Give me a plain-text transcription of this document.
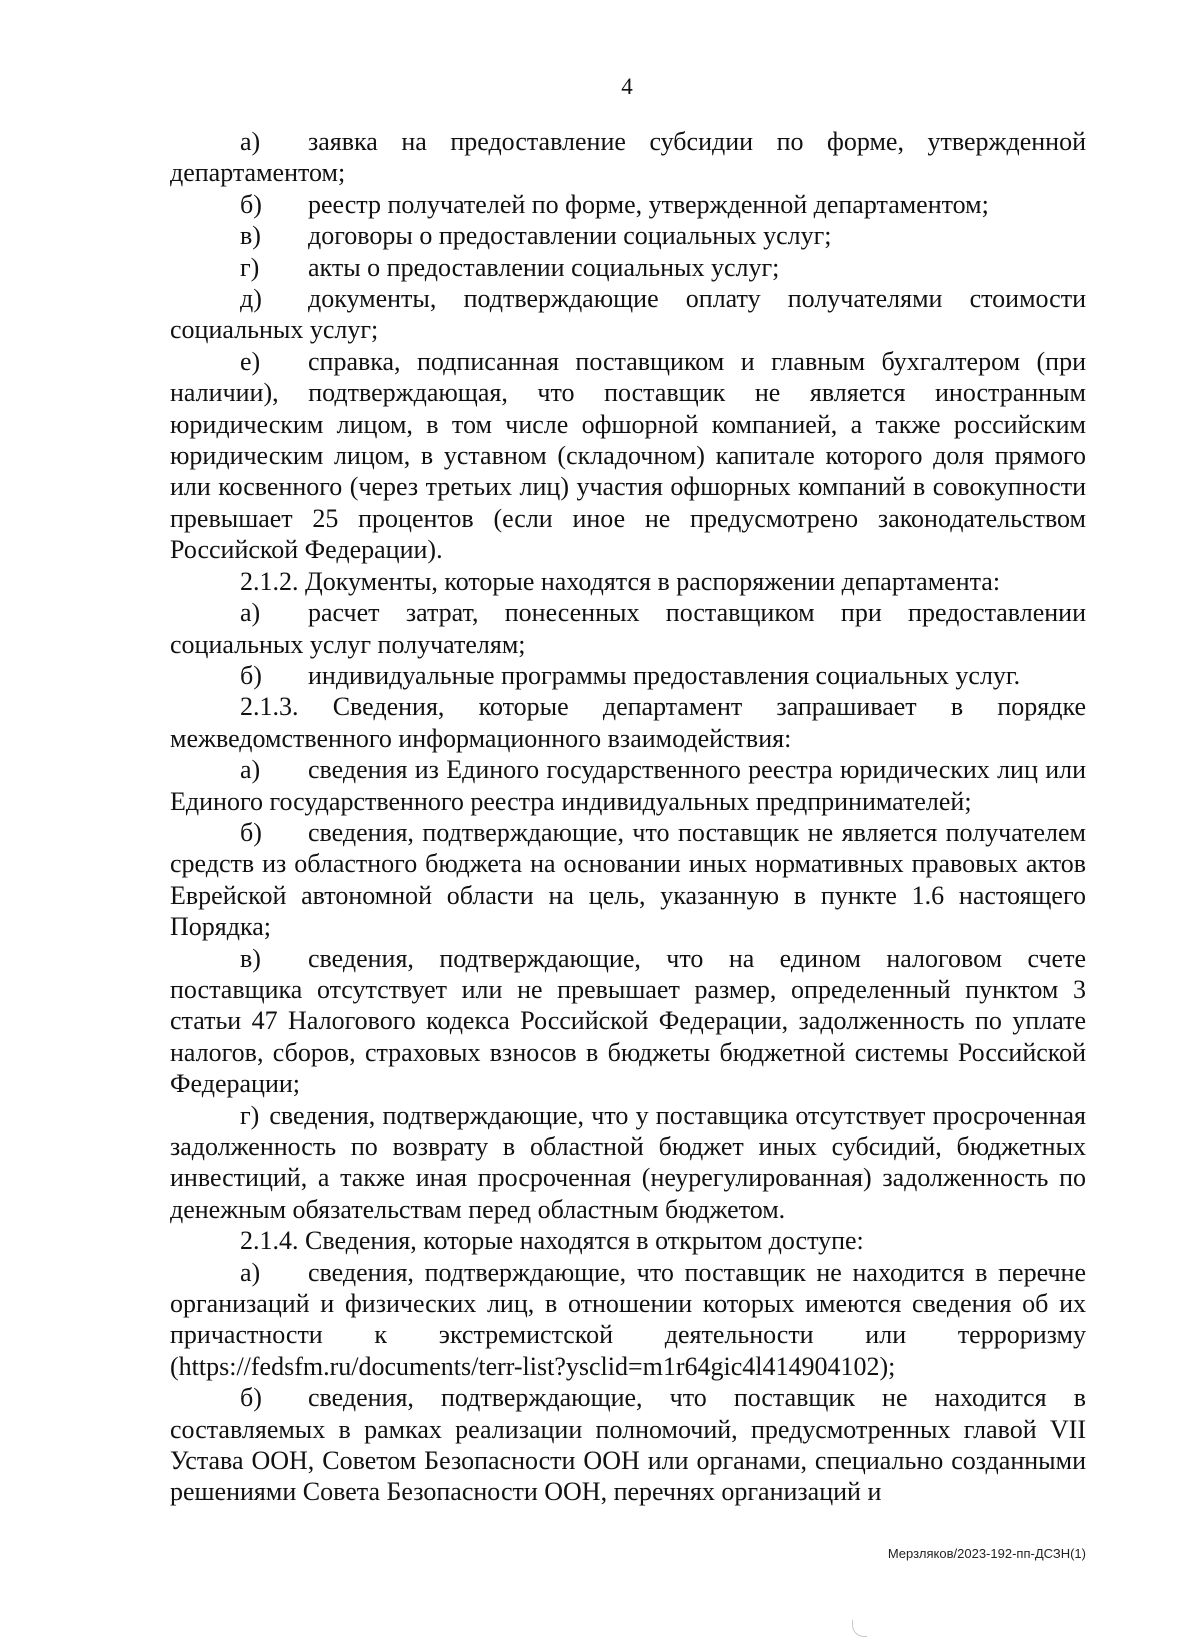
4

а) заявка на предоставление субсидии по форме, утвержденной департаментом;

б) реестр получателей по форме, утвержденной департаментом;

в) договоры о предоставлении социальных услуг;

г) акты о предоставлении социальных услуг;

д) документы, подтверждающие оплату получателями стоимости социальных услуг;

е) справка, подписанная поставщиком и главным бухгалтером (при наличии), подтверждающая, что поставщик не является иностранным юридическим лицом, в том числе офшорной компанией, а также российским юридическим лицом, в уставном (складочном) капитале которого доля прямого или косвенного (через третьих лиц) участия офшорных компаний в совокупности превышает 25 процентов (если иное не предусмотрено законодательством Российской Федерации).

2.1.2. Документы, которые находятся в распоряжении департамента:

а) расчет затрат, понесенных поставщиком при предоставлении социальных услуг получателям;

б) индивидуальные программы предоставления социальных услуг.

2.1.3. Сведения, которые департамент запрашивает в порядке межведомственного информационного взаимодействия:

а) сведения из Единого государственного реестра юридических лиц или Единого государственного реестра индивидуальных предпринимателей;

б) сведения, подтверждающие, что поставщик не является получателем средств из областного бюджета на основании иных нормативных правовых актов Еврейской автономной области на цель, указанную в пункте 1.6 настоящего Порядка;

в) сведения, подтверждающие, что на едином налоговом счете поставщика отсутствует или не превышает размер, определенный пунктом 3 статьи 47 Налогового кодекса Российской Федерации, задолженность по уплате налогов, сборов, страховых взносов в бюджеты бюджетной системы Российской Федерации;

г) сведения, подтверждающие, что у поставщика отсутствует просроченная задолженность по возврату в областной бюджет иных субсидий, бюджетных инвестиций, а также иная просроченная (неурегулированная) задолженность по денежным обязательствам перед областным бюджетом.

2.1.4. Сведения, которые находятся в открытом доступе:

а) сведения, подтверждающие, что поставщик не находится в перечне организаций и физических лиц, в отношении которых имеются сведения об их причастности к экстремистской деятельности или терроризму (https://fedsfm.ru/documents/terr-list?ysclid=m1r64gic4l414904102);

б) сведения, подтверждающие, что поставщик не находится в составляемых в рамках реализации полномочий, предусмотренных главой VII Устава ООН, Советом Безопасности ООН или органами, специально созданными решениями Совета Безопасности ООН, перечнях организаций и

Мерзляков/2023-192-пп-ДСЗН(1)
